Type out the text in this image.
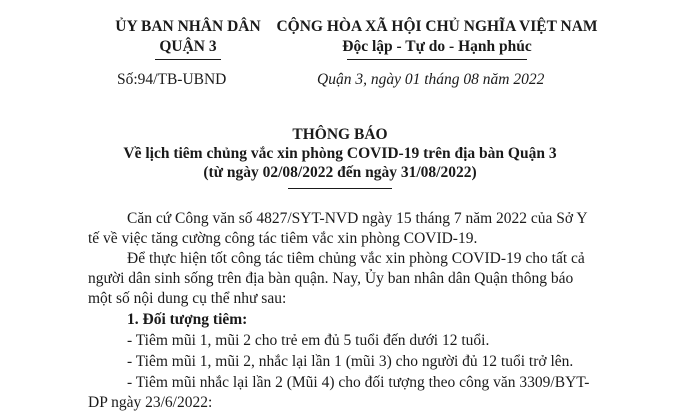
ỦY BAN NHÂN DÂN
QUẬN 3
Số:94/TB-UBND
CỘNG HÒA XÃ HỘI CHỦ NGHĨA VIỆT NAM
Độc lập - Tự do - Hạnh phúc
Quận 3, ngày 01 tháng 08 năm 2022
THÔNG BÁO
Về lịch tiêm chủng vắc xin phòng COVID-19 trên địa bàn Quận 3
(từ ngày 02/08/2022 đến ngày 31/08/2022)
Căn cứ Công văn số 4827/SYT-NVD ngày 15 tháng 7 năm 2022 của Sở Y
tế về việc tăng cường công tác tiêm vắc xin phòng COVID-19.
Để thực hiện tốt công tác tiêm chủng vắc xin phòng COVID-19 cho tất cả
người dân sinh sống trên địa bàn quận. Nay, Ủy ban nhân dân Quận thông báo
một số nội dung cụ thể như sau:
1. Đối tượng tiêm:
- Tiêm mũi 1, mũi 2 cho trẻ em đủ 5 tuổi đến dưới 12 tuổi.
- Tiêm mũi 1, mũi 2, nhắc lại lần 1 (mũi 3) cho người đủ 12 tuổi trở lên.
- Tiêm mũi nhắc lại lần 2 (Mũi 4) cho đối tượng theo công văn 3309/BYT-
DP ngày 23/6/2022:
